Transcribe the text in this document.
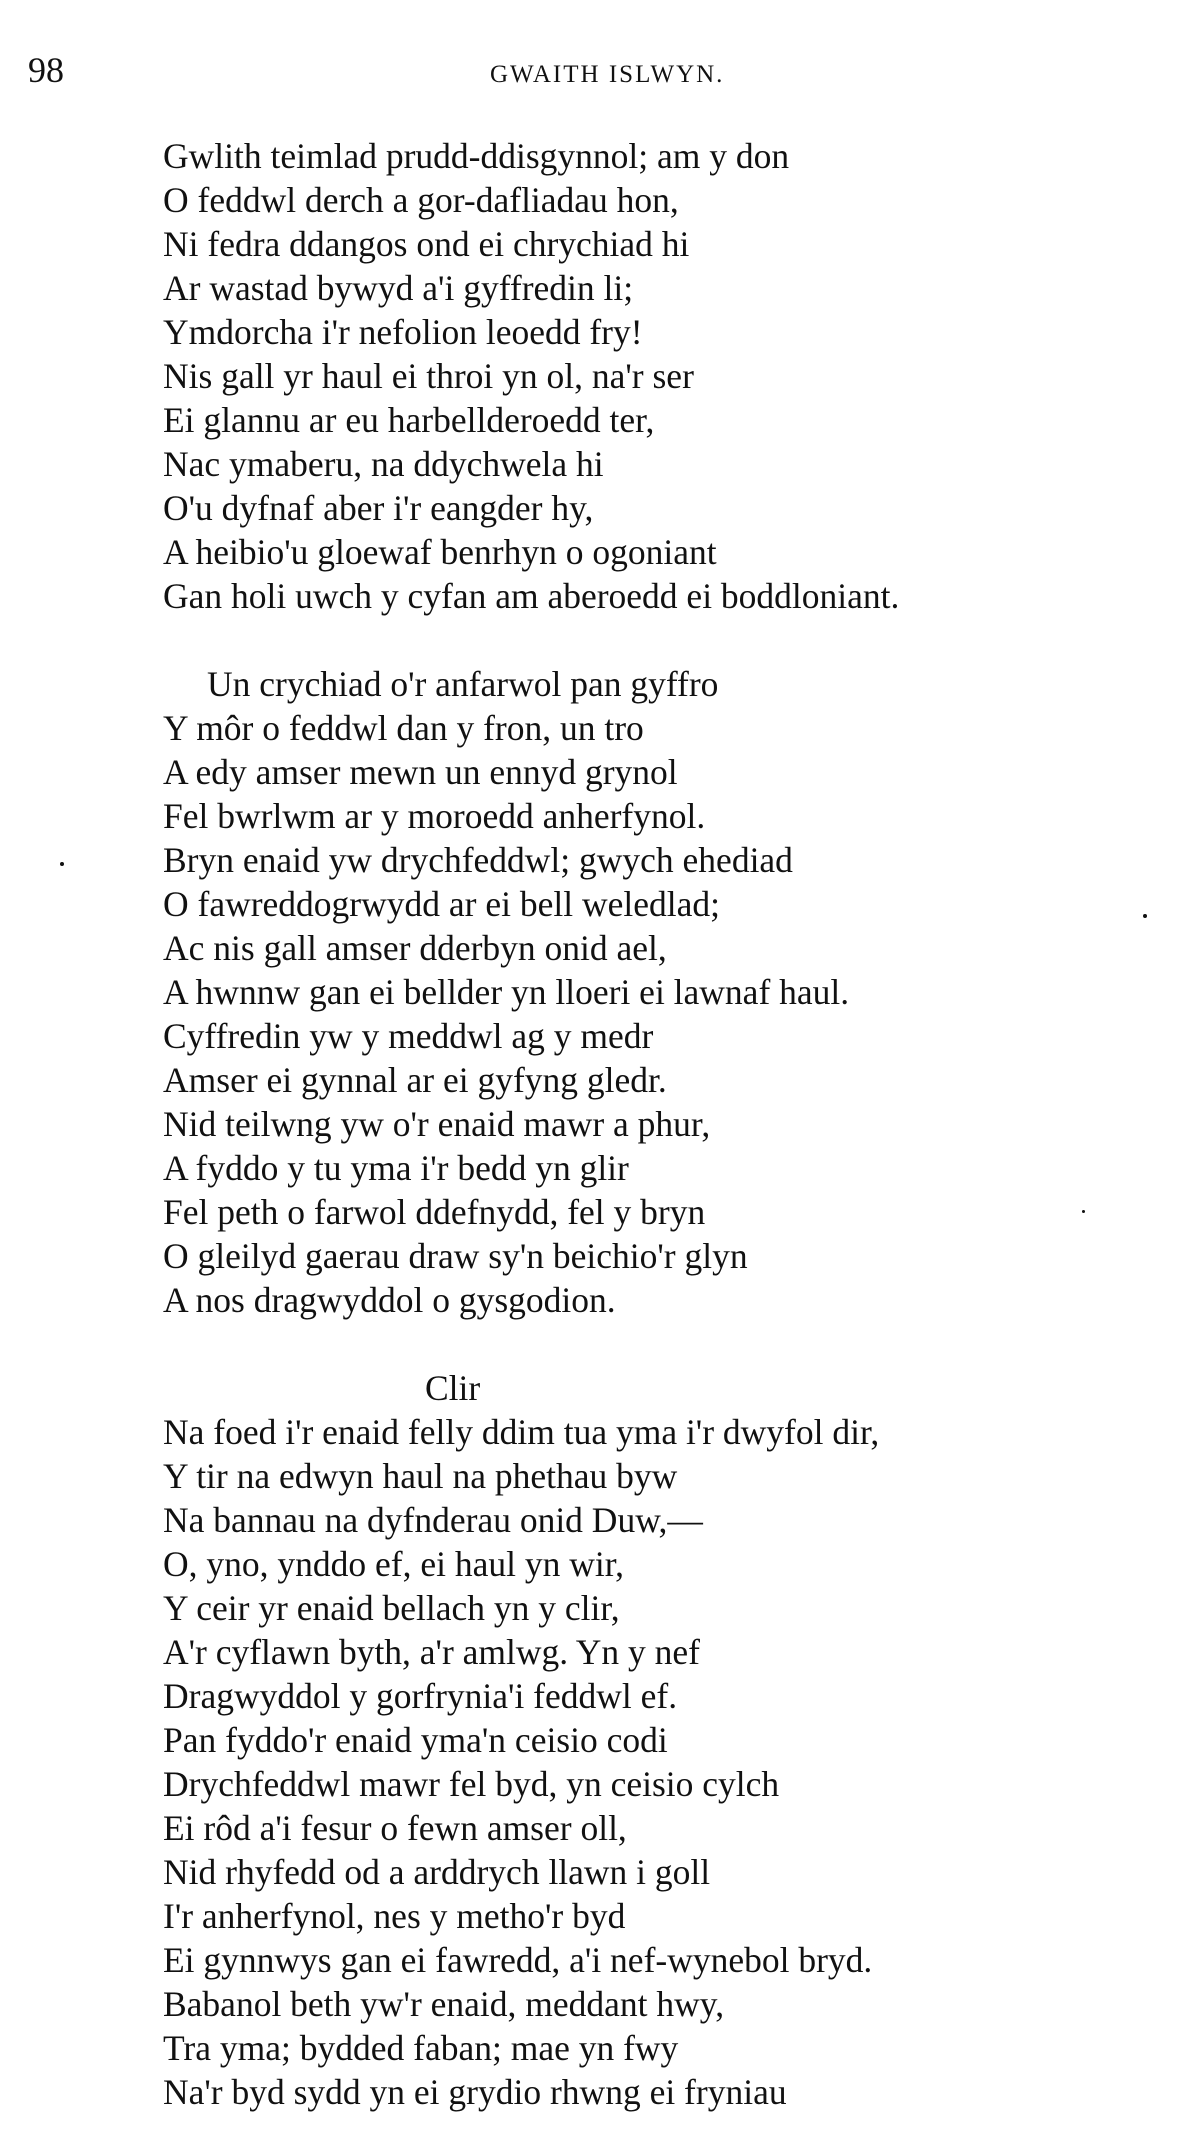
98	GWAITH ISLWYN.
Gwlith teimlad prudd-ddisgynnol; am y don
O feddwl derch a gor-dafliadau hon,
Ni fedra ddangos ond ei chrychiad hi
Ar wastad bywyd a'i gyffredin li;
Ymdorcha i'r nefolion leoedd fry!
Nis gall yr haul ei throi yn ol, na'r ser
Ei glannu ar eu harbellderoedd ter,
Nac ymaberu, na ddychwela hi
O'u dyfnaf aber i'r eangder hy,
A heibio'u gloewaf benrhyn o ogoniant
Gan holi uwch y cyfan am aberoedd ei boddloniant.
Un crychiad o'r anfarwol pan gyffro
Y môr o feddwl dan y fron, un tro
A edy amser mewn un ennyd grynol
Fel bwrlwm ar y moroedd anherfynol.
Bryn enaid yw drychfeddwl; gwych ehediad
O fawreddogrwydd ar ei bell weledlad;
Ac nis gall amser dderbyn onid ael,
A hwnnw gan ei bellder yn lloeri ei lawnaf haul.
Cyffredin yw y meddwl ag y medr
Amser ei gynnal ar ei gyfyng gledr.
Nid teilwng yw o'r enaid mawr a phur,
A fyddo y tu yma i'r bedd yn glir
Fel peth o farwol ddefnydd, fel y bryn
O gleilyd gaerau draw sy'n beichio'r glyn
A nos dragwyddol o gysgodion.
Clir
Na foed i'r enaid felly ddim tua yma i'r dwyfol dir,
Y tir na edwyn haul na phethau byw
Na bannau na dyfnderau onid Duw,—
O, yno, ynddo ef, ei haul yn wir,
Y ceir yr enaid bellach yn y clir,
A'r cyflawn byth, a'r amlwg. Yn y nef
Dragwyddol y gorfrynia'i feddwl ef.
Pan fyddo'r enaid yma'n ceisio codi
Drychfeddwl mawr fel byd, yn ceisio cylch
Ei rôd a'i fesur o fewn amser oll,
Nid rhyfedd od a arddrych llawn i goll
I'r anherfynol, nes y metho'r byd
Ei gynnwys gan ei fawredd, a'i nef-wynebol bryd.
Babanol beth yw'r enaid, meddant hwy,
Tra yma; bydded faban; mae yn fwy
Na'r byd sydd yn ei grydio rhwng ei fryniau
